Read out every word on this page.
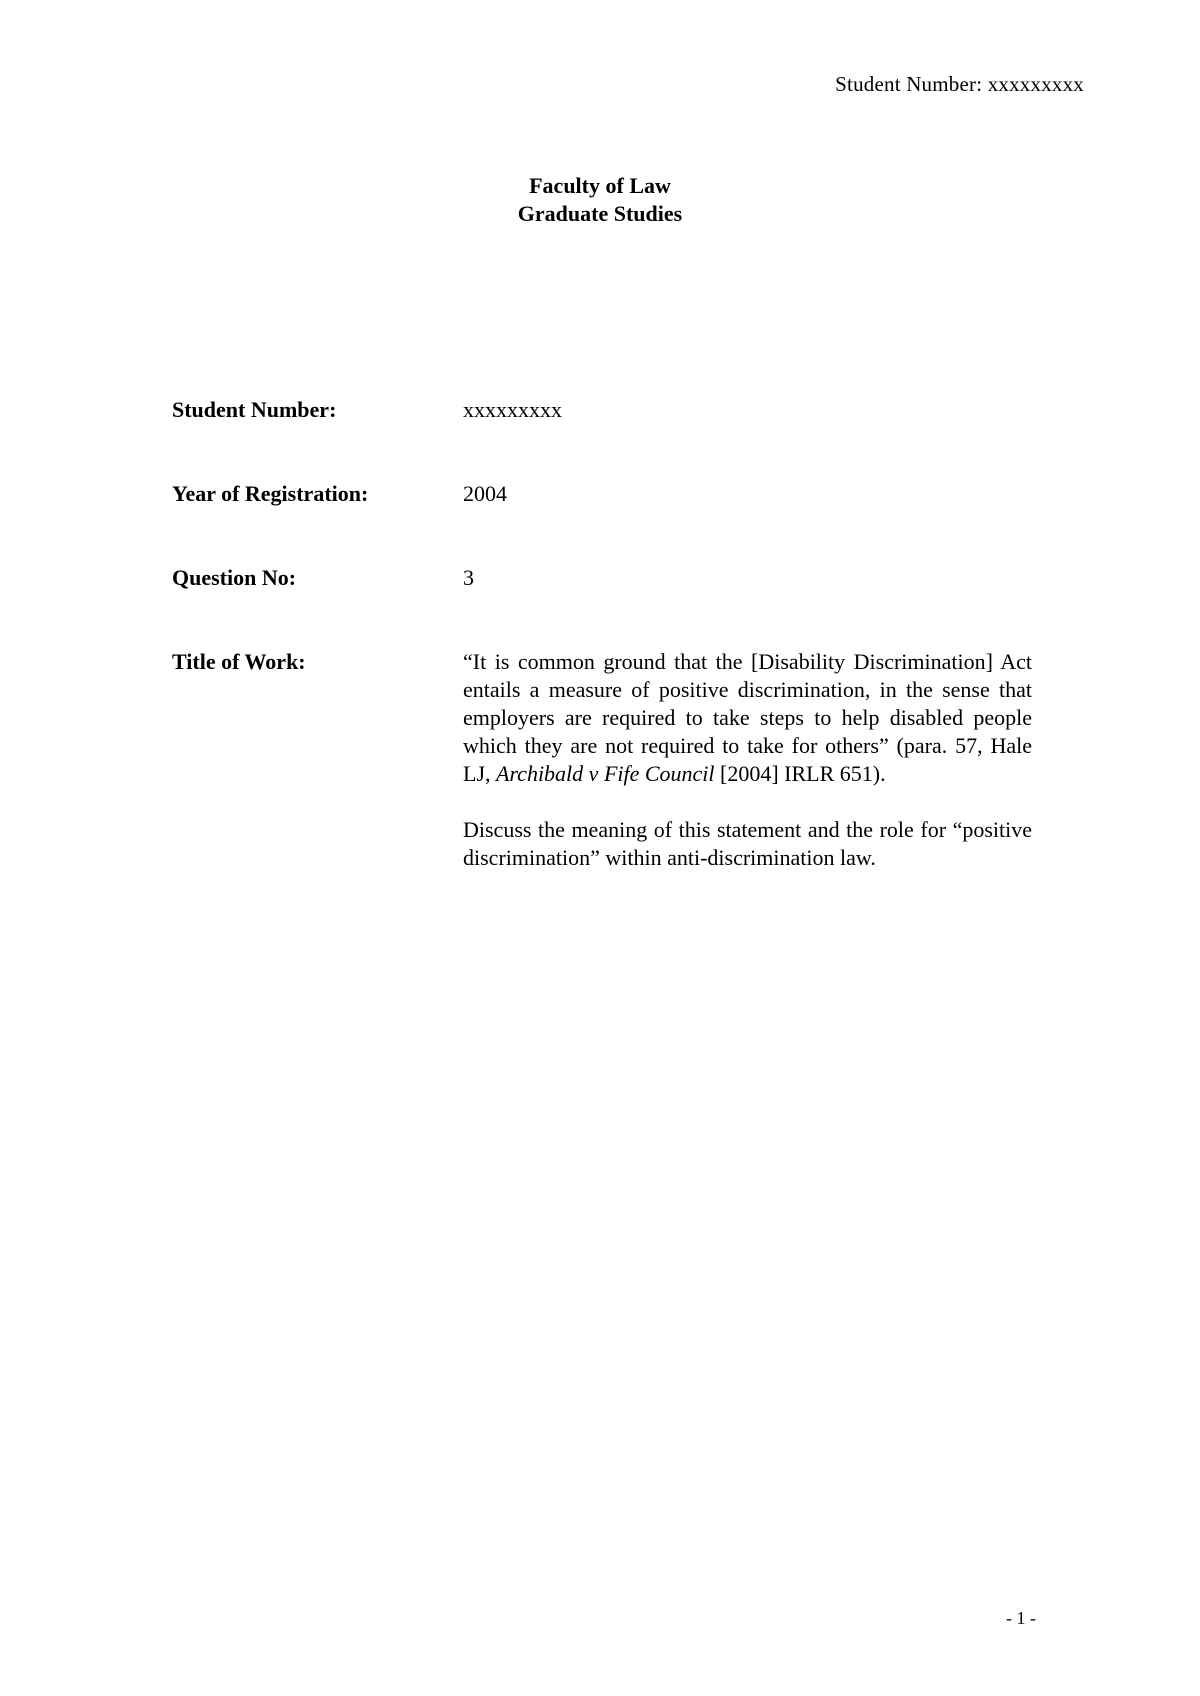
Student Number: xxxxxxxxx
Faculty of Law
Graduate Studies
Student Number:	xxxxxxxxx
Year of Registration:	2004
Question No:	3
Title of Work:	“It is common ground that the [Disability Discrimination] Act entails a measure of positive discrimination, in the sense that employers are required to take steps to help disabled people which they are not required to take for others” (para. 57, Hale LJ, Archibald v Fife Council [2004] IRLR 651).

Discuss the meaning of this statement and the role for “positive discrimination” within anti-discrimination law.

- 1 -
